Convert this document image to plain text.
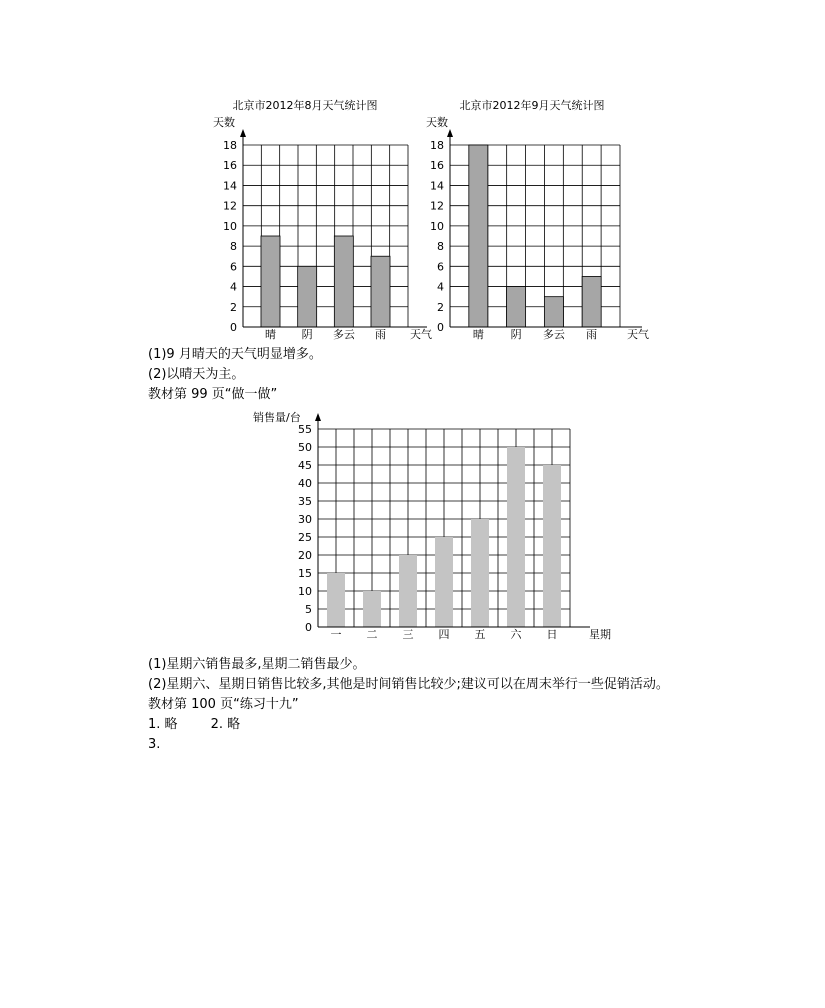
北京市2012年8月天气统计图
天数
晴 阴 多云 雨
0
2
4
6
8
10
12
14
16
18
天气
北京市2012年9月天气统计图
天数
晴 阴 多云 雨
0
2
4
6
8
10
12
14
16
18
天气
销售量/台
一 二 三 四 五 六 日
0
5
10
15
20
25
30
35
40
45
50
55
星期
(1)9 月晴天的天气明显增多。
(2)以晴天为主。
教材第 99 页“做一做”
(1)星期六销售最多,星期二销售最少。
(2)星期六、星期日销售比较多,其他是时间销售比较少;建议可以在周末举行一些促销活动。
教材第 100 页“练习十九”
1. 略        2. 略
3.
